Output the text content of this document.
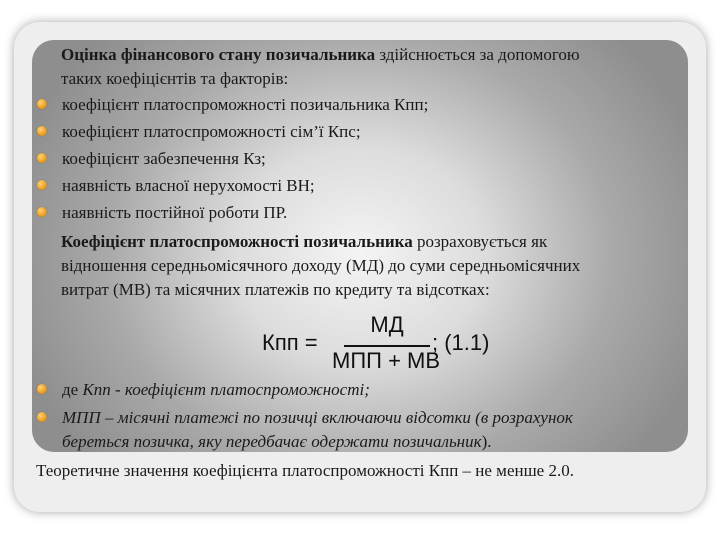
Оцінка фінансового стану позичальника здійснюється за допомогою
таких коефіцієнтів та факторів:
коефіцієнт платоспроможності позичальника Кпп;
коефіцієнт платоспроможності сім’ї Кпс;
коефіцієнт забезпечення Кз;
наявність власної нерухомості ВН;
наявність постійної роботи ПР.
Коефіцієнт платоспроможності позичальника розраховується як
відношення середньомісячного доходу (МД) до суми середньомісячних
витрат (МВ) та місячних платежів по кредиту та відсотках:
Кпп =
МД
МПП + МВ
; (1.1)
де Кпп - коефіцієнт платоспроможності;
МПП – місячні платежі по позичці включаючи відсотки (в розрахунок
береться позичка, яку передбачає одержати позичальник).
Теоретичне значення коефіцієнта платоспроможності Кпп – не менше 2.0.
